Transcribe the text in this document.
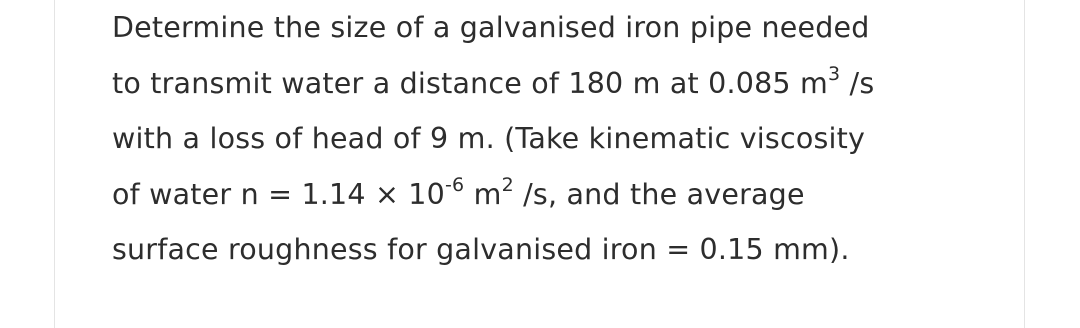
Determine the size of a galvanised iron pipe needed
to transmit water a distance of 180 m at 0.085 $m^3$ /s
with a loss of head of 9 m. (Take kinematic viscosity
of water $n = 1.14 \times 10^{-6}$ $m^2$ /s, and the average
surface roughness for galvanised iron = 0.15 mm).
